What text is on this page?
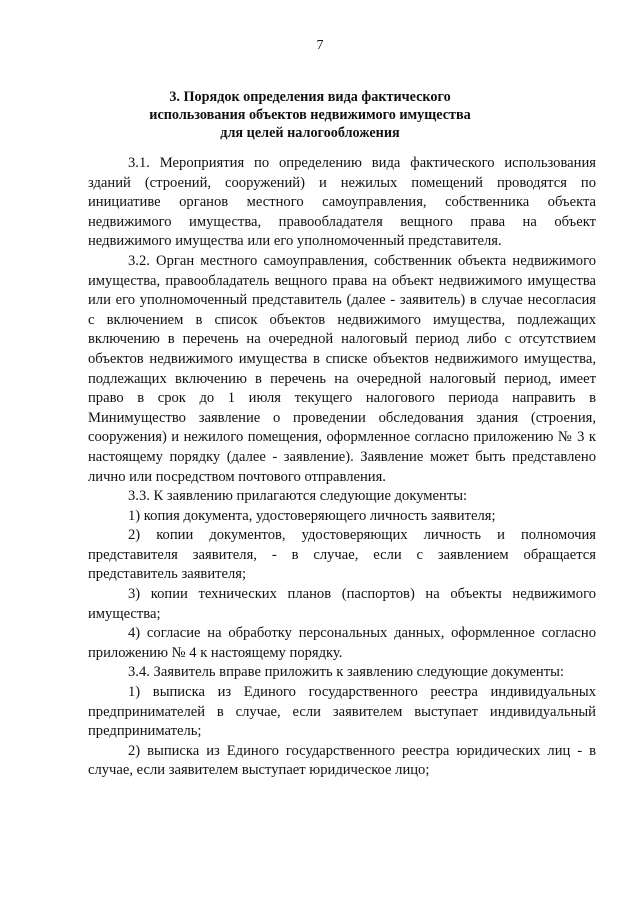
7
3. Порядок определения вида фактического
использования объектов недвижимого имущества
для целей налогообложения

3.1. Мероприятия по определению вида фактического использования зданий (строений, сооружений) и нежилых помещений проводятся по инициативе органов местного самоуправления, собственника объекта недвижимого имущества, правообладателя вещного права на объект недвижимого имущества или его уполномоченный представителя.

3.2. Орган местного самоуправления, собственник объекта недвижимого имущества, правообладатель вещного права на объект недвижимого имущества или его уполномоченный представитель (далее - заявитель) в случае несогласия с включением в список объектов недвижимого имущества, подлежащих включению в перечень на очередной налоговый период либо с отсутствием объектов недвижимого имущества в списке объектов недвижимого имущества, подлежащих включению в перечень на очередной налоговый период, имеет право в срок до 1 июля текущего налогового периода направить в Минимущество заявление о проведении обследования здания (строения, сооружения) и нежилого помещения, оформленное согласно приложению № 3 к настоящему порядку (далее - заявление). Заявление может быть представлено лично или посредством почтового отправления.

3.3. К заявлению прилагаются следующие документы:

1) копия документа, удостоверяющего личность заявителя;

2) копии документов, удостоверяющих личность и полномочия представителя заявителя, - в случае, если с заявлением обращается представитель заявителя;

3) копии технических планов (паспортов) на объекты недвижимого имущества;

4) согласие на обработку персональных данных, оформленное согласно приложению № 4 к настоящему порядку.

3.4. Заявитель вправе приложить к заявлению следующие документы:

1) выписка из Единого государственного реестра индивидуальных предпринимателей в случае, если заявителем выступает индивидуальный предприниматель;

2) выписка из Единого государственного реестра юридических лиц - в случае, если заявителем выступает юридическое лицо;
